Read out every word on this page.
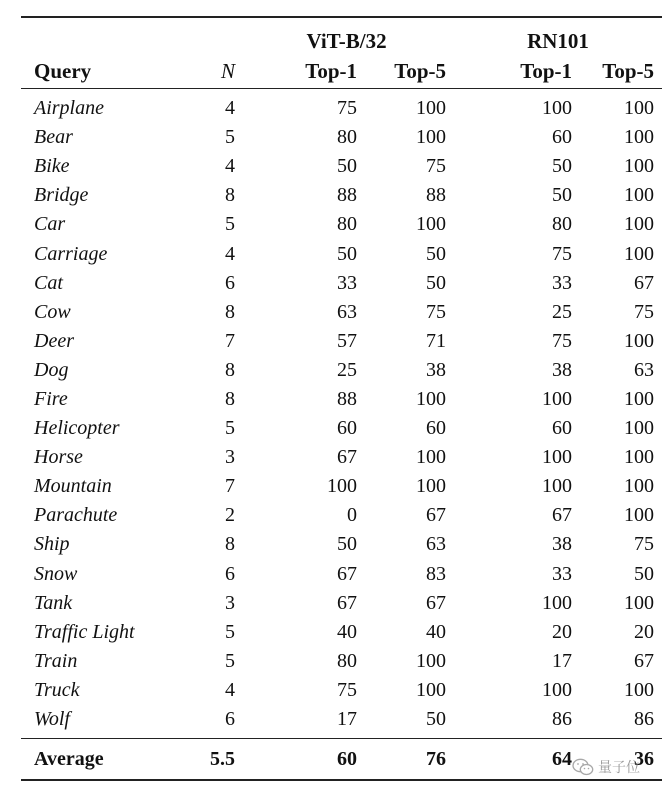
		ViT-B/32		RN101	
Query	N	Top-1	Top-5	Top-1	Top-5
Airplane	4	75	100	100	100
Bear	5	80	100	60	100
Bike	4	50	75	50	100
Bridge	8	88	88	50	100
Car	5	80	100	80	100
Carriage	4	50	50	75	100
Cat	6	33	50	33	67
Cow	8	63	75	25	75
Deer	7	57	71	75	100
Dog	8	25	38	38	63
Fire	8	88	100	100	100
Helicopter	5	60	60	60	100
Horse	3	67	100	100	100
Mountain	7	100	100	100	100
Parachute	2	0	67	67	100
Ship	8	50	63	38	75
Snow	6	67	83	33	50
Tank	3	67	67	100	100
Traffic Light	5	40	40	20	20
Train	5	80	100	17	67
Truck	4	75	100	100	100
Wolf	6	17	50	86	86
Average	5.5	60	76	64	36
量子位
